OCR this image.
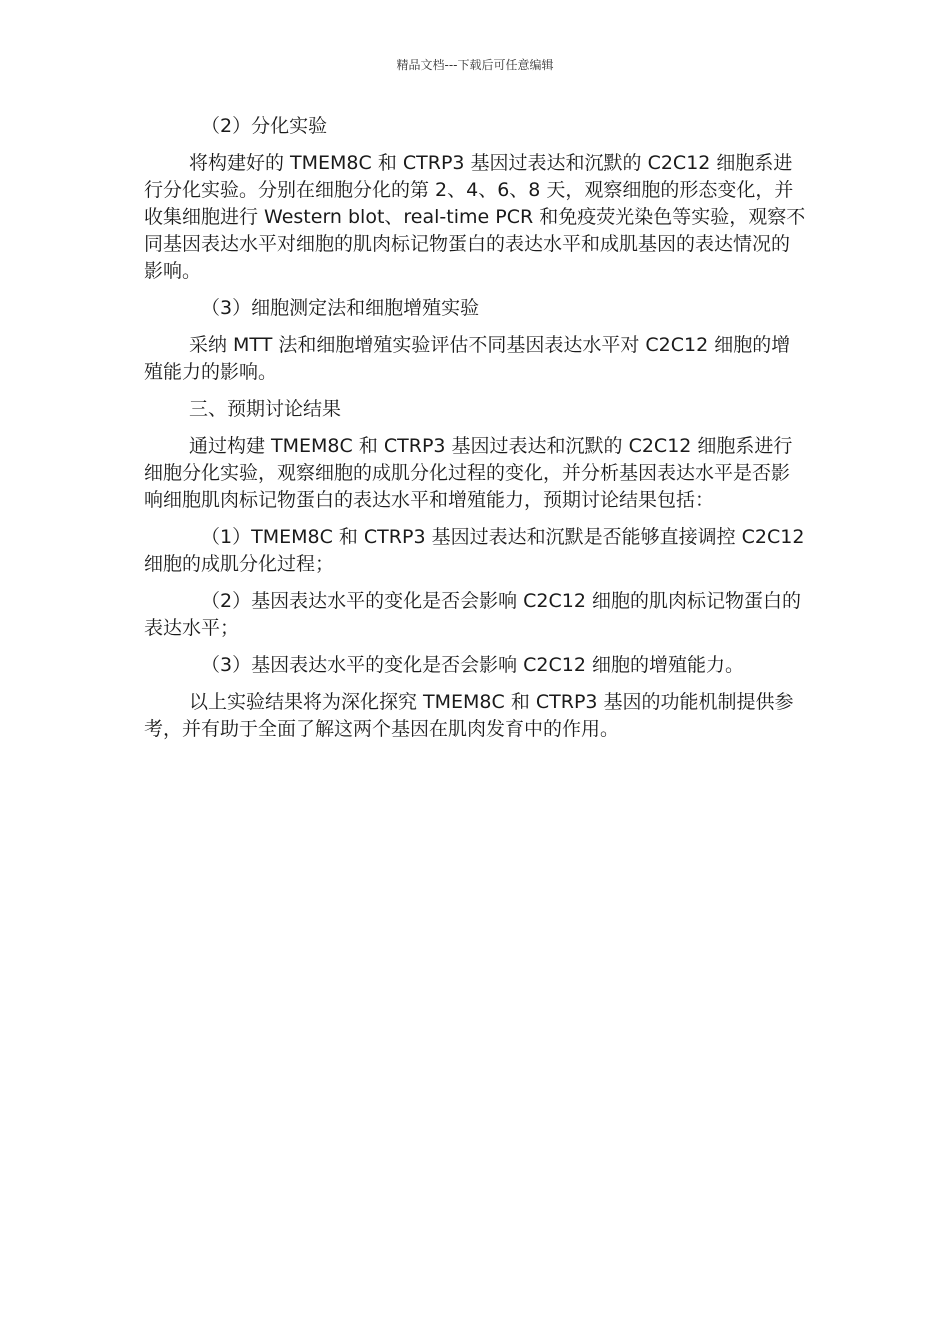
精品文档---下载后可任意编辑

（2）分化实验

将构建好的 TMEM8C 和 CTRP3 基因过表达和沉默的 C2C12 细胞系进行分化实验。分别在细胞分化的第 2、4、6、8 天，观察细胞的形态变化，并收集细胞进行 Western blot、real-time PCR 和免疫荧光染色等实验，观察不同基因表达水平对细胞的肌肉标记物蛋白的表达水平和成肌基因的表达情况的影响。

（3）细胞测定法和细胞增殖实验

采纳 MTT 法和细胞增殖实验评估不同基因表达水平对 C2C12 细胞的增殖能力的影响。

三、预期讨论结果

通过构建 TMEM8C 和 CTRP3 基因过表达和沉默的 C2C12 细胞系进行细胞分化实验，观察细胞的成肌分化过程的变化，并分析基因表达水平是否影响细胞肌肉标记物蛋白的表达水平和增殖能力，预期讨论结果包括：

（1）TMEM8C 和 CTRP3 基因过表达和沉默是否能够直接调控 C2C12 细胞的成肌分化过程；

（2）基因表达水平的变化是否会影响 C2C12 细胞的肌肉标记物蛋白的表达水平；

（3）基因表达水平的变化是否会影响 C2C12 细胞的增殖能力。

以上实验结果将为深化探究 TMEM8C 和 CTRP3 基因的功能机制提供参考，并有助于全面了解这两个基因在肌肉发育中的作用。
